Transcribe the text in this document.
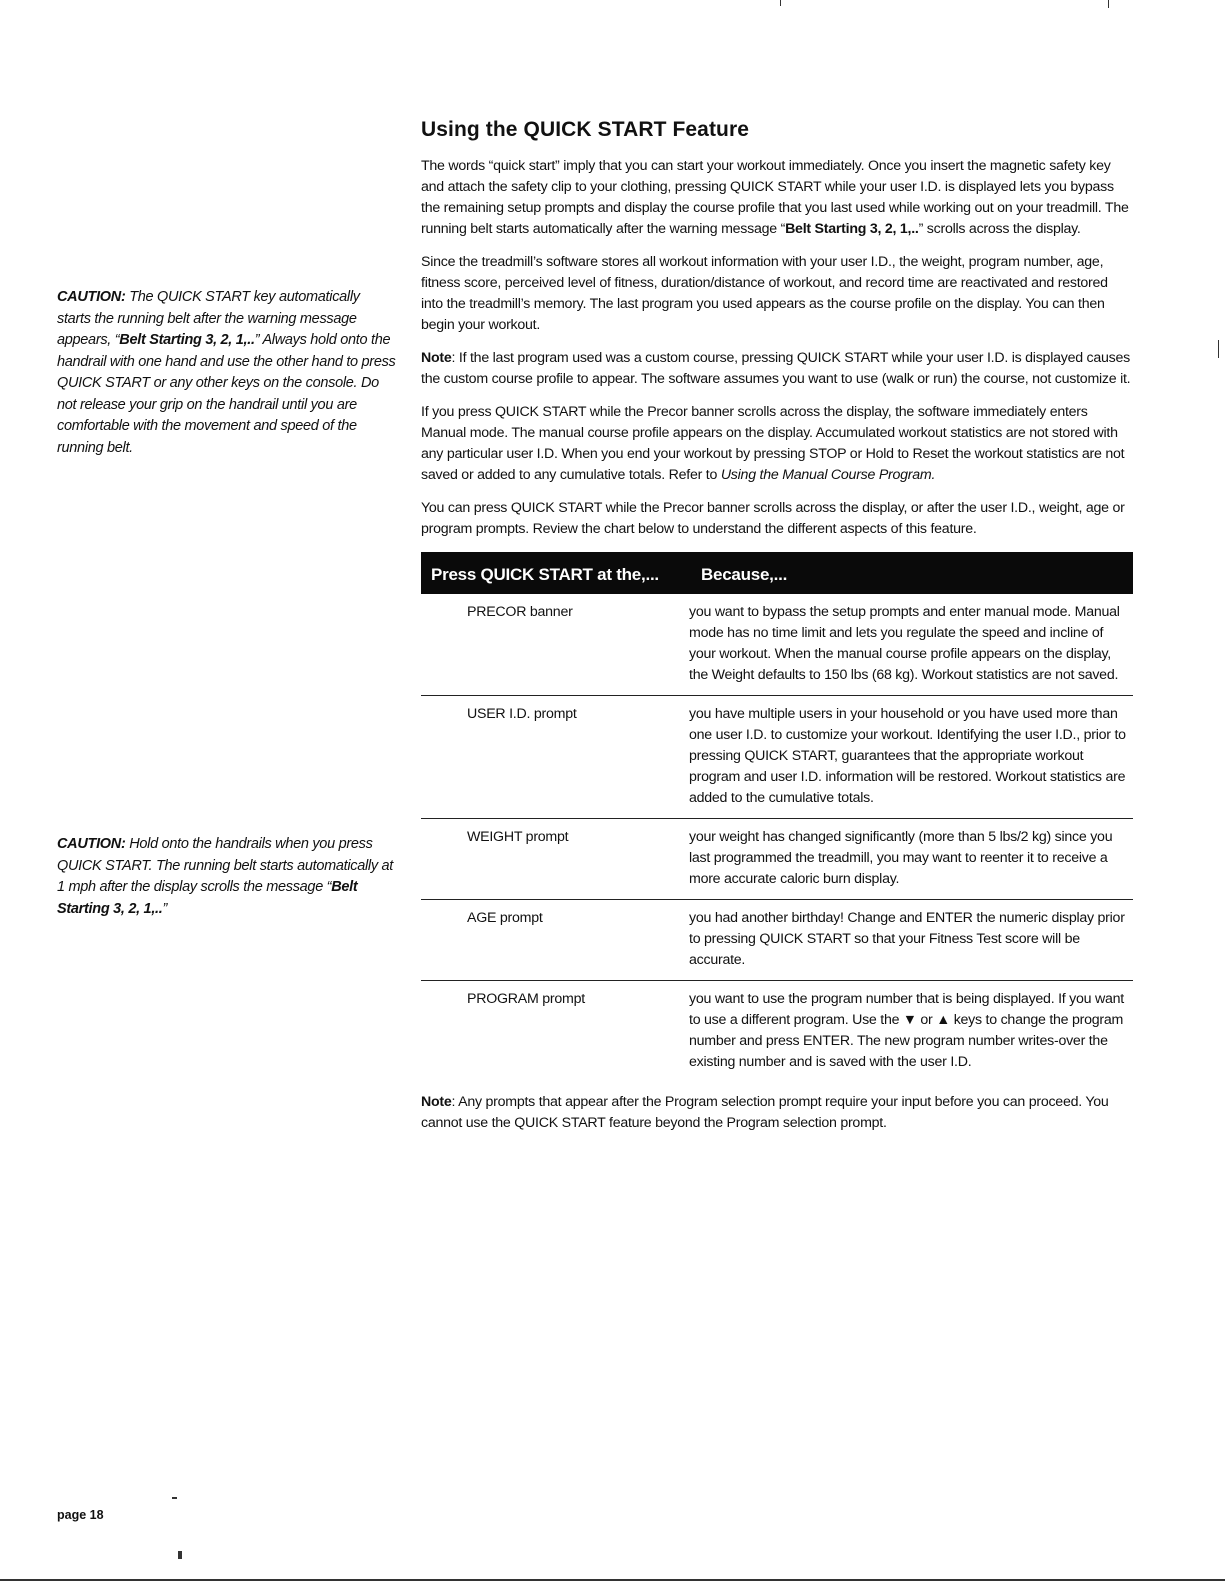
CAUTION: The QUICK START key automatically starts the running belt after the warning message appears, “Belt Starting 3, 2, 1,..” Always hold onto the handrail with one hand and use the other hand to press QUICK START or any other keys on the console. Do not release your grip on the handrail until you are comfortable with the movement and speed of the running belt.

CAUTION: Hold onto the handrails when you press QUICK START. The running belt starts automatically at 1 mph after the display scrolls the message “Belt Starting 3, 2, 1,..”

Using the QUICK START Feature

The words “quick start” imply that you can start your workout immediately. Once you insert the magnetic safety key and attach the safety clip to your clothing, pressing QUICK START while your user I.D. is displayed lets you bypass the remaining setup prompts and display the course profile that you last used while working out on your treadmill. The running belt starts automatically after the warning message “Belt Starting 3, 2, 1,..” scrolls across the display.

Since the treadmill’s software stores all workout information with your user I.D., the weight, program number, age, fitness score, perceived level of fitness, duration/distance of workout, and record time are reactivated and restored into the treadmill’s memory. The last program you used appears as the course profile on the display. You can then begin your workout.

Note: If the last program used was a custom course, pressing QUICK START while your user I.D. is displayed causes the custom course profile to appear. The software assumes you want to use (walk or run) the course, not customize it.

If you press QUICK START while the Precor banner scrolls across the display, the software immediately enters Manual mode. The manual course profile appears on the display. Accumulated workout statistics are not stored with any particular user I.D. When you end your workout by pressing STOP or Hold to Reset the workout statistics are not saved or added to any cumulative totals. Refer to Using the Manual Course Program.

You can press QUICK START while the Precor banner scrolls across the display, or after the user I.D., weight, age or program prompts. Review the chart below to understand the different aspects of this feature.

Press QUICK START at the,...	Because,...
PRECOR banner	you want to bypass the setup prompts and enter manual mode. Manual mode has no time limit and lets you regulate the speed and incline of your workout. When the manual course profile appears on the display, the Weight defaults to 150 lbs (68 kg). Workout statistics are not saved.
USER I.D. prompt	you have multiple users in your household or you have used more than one user I.D. to customize your workout. Identifying the user I.D., prior to pressing QUICK START, guarantees that the appropriate workout program and user I.D. information will be restored. Workout statistics are added to the cumulative totals.
WEIGHT prompt	your weight has changed significantly (more than 5 lbs/2 kg) since you last programmed the treadmill, you may want to reenter it to receive a more accurate caloric burn display.
AGE prompt	you had another birthday! Change and ENTER the numeric display prior to pressing QUICK START so that your Fitness Test score will be accurate.
PROGRAM prompt	you want to use the program number that is being displayed. If you want to use a different program. Use the ▼ or ▲ keys to change the program number and press ENTER. The new program number writes-over the existing number and is saved with the user I.D.

Note: Any prompts that appear after the Program selection prompt require your input before you can proceed. You cannot use the QUICK START feature beyond the Program selection prompt.

page 18
